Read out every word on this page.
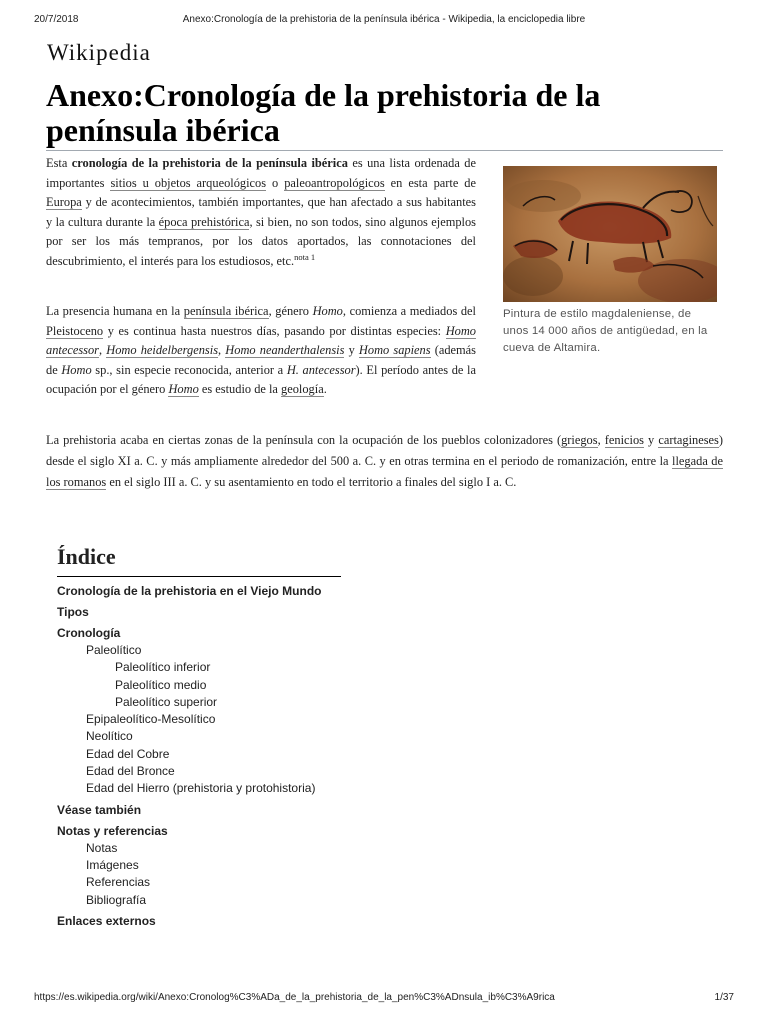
20/7/2018	Anexo:Cronología de la prehistoria de la península ibérica - Wikipedia, la enciclopedia libre
Wikipedia
Anexo:Cronología de la prehistoria de la península ibérica

Esta cronología de la prehistoria de la península ibérica es una lista ordenada de importantes sitios u objetos arqueológicos o paleoantropológicos en esta parte de Europa y de acontecimientos, también importantes, que han afectado a sus habitantes y la cultura durante la época prehistórica, si bien, no son todos, sino algunos ejemplos por ser los más tempranos, por los datos aportados, las connotaciones del descubrimiento, el interés para los estudiosos, etc.$^{nota 1}$

Pintura de estilo magdaleniense, de unos 14 000 años de antigüedad, en la cueva de Altamira.

La presencia humana en la península ibérica, género Homo, comienza a mediados del Pleistoceno y es continua hasta nuestros días, pasando por distintas especies: Homo antecessor, Homo heidelbergensis, Homo neanderthalensis y Homo sapiens (además de Homo sp., sin especie reconocida, anterior a H. antecessor). El período antes de la ocupación por el género Homo es estudio de la geología.

La prehistoria acaba en ciertas zonas de la península con la ocupación de los pueblos colonizadores (griegos, fenicios y cartagineses) desde el siglo XI a. C. y más ampliamente alrededor del 500 a. C. y en otras termina en el periodo de romanización, entre la llegada de los romanos en el siglo III a. C. y su asentamiento en todo el territorio a finales del siglo I a. C.

Índice
Cronología de la prehistoria en el Viejo Mundo
Tipos
Cronología
Paleolítico
Paleolítico inferior
Paleolítico medio
Paleolítico superior
Epipaleolítico-Mesolítico
Neolítico
Edad del Cobre
Edad del Bronce
Edad del Hierro (prehistoria y protohistoria)
Véase también
Notas y referencias
Notas
Imágenes
Referencias
Bibliografía
Enlaces externos
https://es.wikipedia.org/wiki/Anexo:Cronolog%C3%ADa_de_la_prehistoria_de_la_pen%C3%ADnsula_ib%C3%A9rica	1/37
